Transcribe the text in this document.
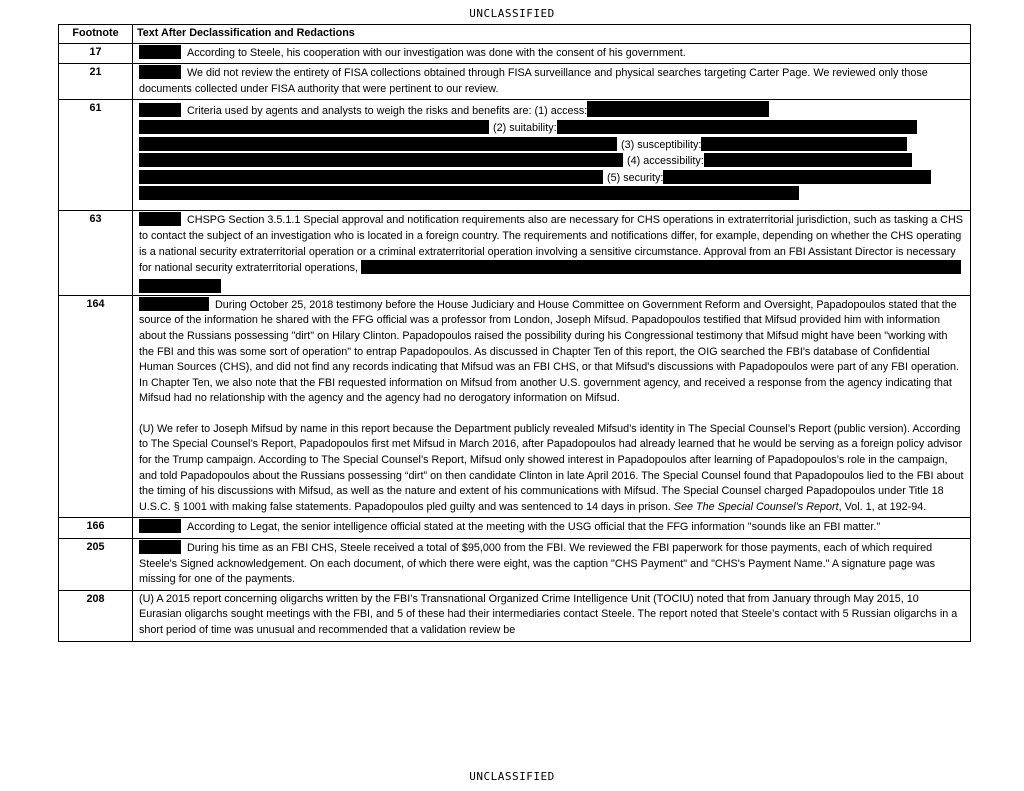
UNCLASSIFIED
Footnote	Text After Declassification and Redactions
17	According to Steele, his cooperation with our investigation was done with the consent of his government.
21	We did not review the entirety of FISA collections obtained through FISA surveillance and physical searches targeting Carter Page. We reviewed only those documents collected under FISA authority that were pertinent to our review.
61	Criteria used by agents and analysts to weigh the risks and benefits are: (1) access:
(2) suitability:
(3) susceptibility:
(4) accessibility:
(5) security:

63	CHSPG Section 3.5.1.1 Special approval and notification requirements also are necessary for CHS operations in extraterritorial jurisdiction, such as tasking a CHS to contact the subject of an investigation who is located in a foreign country. The requirements and notifications differ, for example, depending on whether the CHS operating is a national security extraterritorial operation or a criminal extraterritorial operation involving a sensitive circumstance. Approval from an FBI Assistant Director is necessary for national security extraterritorial operations,

164	During October 25, 2018 testimony before the House Judiciary and House Committee on Government Reform and Oversight, Papadopoulos stated that the source of the information he shared with the FFG official was a professor from London, Joseph Mifsud. Papadopoulos testified that Mifsud provided him with information about the Russians possessing "dirt" on Hilary Clinton. Papadopoulos raised the possibility during his Congressional testimony that Mifsud might have been "working with the FBI and this was some sort of operation" to entrap Papadopoulos. As discussed in Chapter Ten of this report, the OIG searched the FBI's database of Confidential Human Sources (CHS), and did not find any records indicating that Mifsud was an FBI CHS, or that Mifsud's discussions with Papadopoulos were part of any FBI operation. In Chapter Ten, we also note that the FBI requested information on Mifsud from another U.S. government agency, and received a response from the agency indicating that Mifsud had no relationship with the agency and the agency had no derogatory information on Mifsud.

(U) We refer to Joseph Mifsud by name in this report because the Department publicly revealed Mifsud’s identity in The Special Counsel’s Report (public version). According to The Special Counsel’s Report, Papadopoulos first met Mifsud in March 2016, after Papadopoulos had already learned that he would be serving as a foreign policy advisor for the Trump campaign. According to The Special Counsel’s Report, Mifsud only showed interest in Papadopoulos after learning of Papadopoulos’s role in the campaign, and told Papadopoulos about the Russians possessing “dirt” on then candidate Clinton in late April 2016. The Special Counsel found that Papadopoulos lied to the FBI about the timing of his discussions with Mifsud, as well as the nature and extent of his communications with Mifsud. The Special Counsel charged Papadopoulos under Title 18 U.S.C. § 1001 with making false statements. Papadopoulos pled guilty and was sentenced to 14 days in prison. See The Special Counsel’s Report, Vol. 1, at 192-94.

166	According to Legat, the senior intelligence official stated at the meeting with the USG official that the FFG information "sounds like an FBI matter."
205	During his time as an FBI CHS, Steele received a total of $95,000 from the FBI. We reviewed the FBI paperwork for those payments, each of which required Steele's Signed acknowledgement. On each document, of which there were eight, was the caption "CHS Payment" and "CHS's Payment Name." A signature page was missing for one of the payments.
208	(U) A 2015 report concerning oligarchs written by the FBI’s Transnational Organized Crime Intelligence Unit (TOCIU) noted that from January through May 2015, 10 Eurasian oligarchs sought meetings with the FBI, and 5 of these had their intermediaries contact Steele. The report noted that Steele’s contact with 5 Russian oligarchs in a short period of time was unusual and recommended that a validation review be
UNCLASSIFIED
